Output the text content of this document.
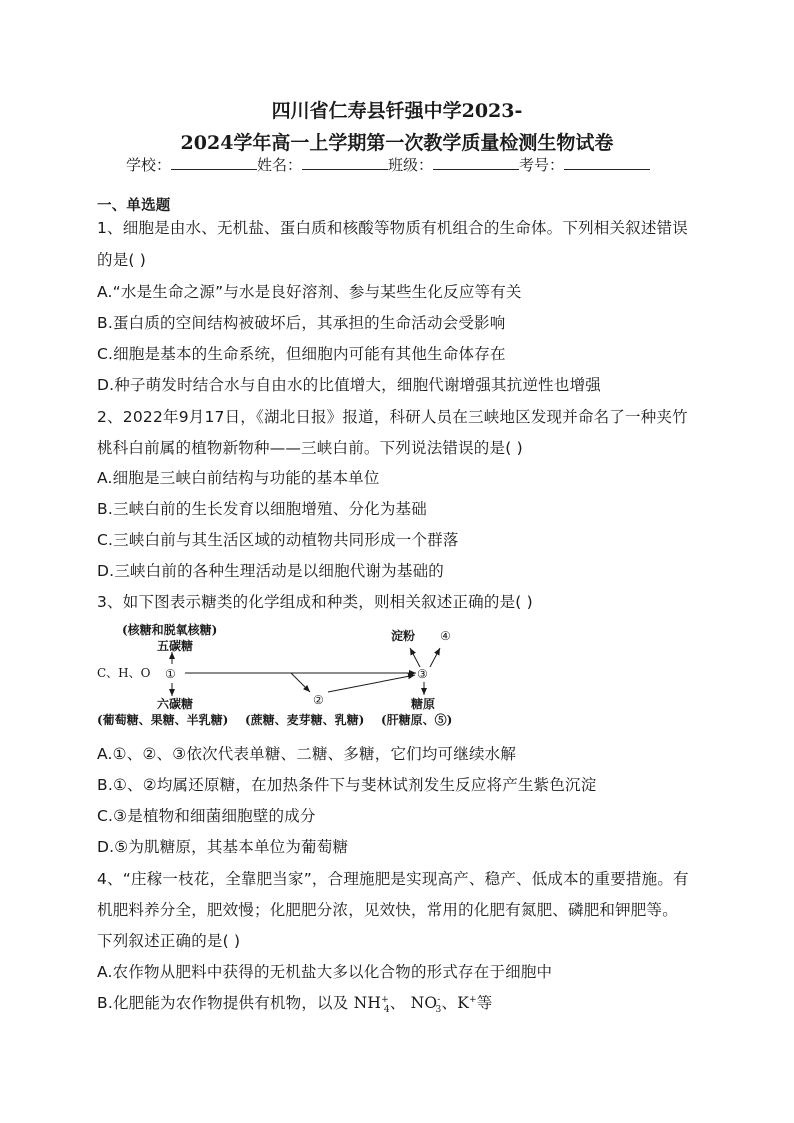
四川省仁寿县钎强中学2023-
2024学年高一上学期第一次教学质量检测生物试卷
学校：	姓名：	班级：	考号：
一、单选题
1、细胞是由水、无机盐、蛋白质和核酸等物质有机组合的生命体。下列相关叙述错误
的是( )
A.“水是生命之源”与水是良好溶剂、参与某些生化反应等有关
B.蛋白质的空间结构被破坏后，其承担的生命活动会受影响
C.细胞是基本的生命系统，但细胞内可能有其他生命体存在
D.种子萌发时结合水与自由水的比值增大，细胞代谢增强其抗逆性也增强
2、2022年9月17日，《湖北日报》报道，科研人员在三峡地区发现并命名了一种夹竹
桃科白前属的植物新物种——三峡白前。下列说法错误的是( )
A.细胞是三峡白前结构与功能的基本单位
B.三峡白前的生长发育以细胞增殖、分化为基础
C.三峡白前与其生活区域的动植物共同形成一个群落
D.三峡白前的各种生理活动是以细胞代谢为基础的
3、如下图表示糖类的化学组成和种类，则相关叙述正确的是( )
(核糖和脱氧核糖)
五碳糖
C、H、O ①
②
③
④
淀粉
糖原
六碳糖
(葡萄糖、果糖、半乳糖) (蔗糖、麦芽糖、乳糖) (肝糖原、⑤)
A.①、②、③依次代表单糖、二糖、多糖，它们均可继续水解
B.①、②均属还原糖，在加热条件下与斐林试剂发生反应将产生紫色沉淀
C.③是植物和细菌细胞壁的成分
D.⑤为肌糖原，其基本单位为葡萄糖
4、“庄稼一枝花，全靠肥当家”，合理施肥是实现高产、稳产、低成本的重要措施。有
机肥料养分全，肥效慢；化肥肥分浓，见效快，常用的化肥有氮肥、磷肥和钾肥等。
下列叙述正确的是( )
A.农作物从肥料中获得的无机盐大多以化合物的形式存在于细胞中
B.化肥能为农作物提供有机物，以及 $NH^+_4$、 $NO^-_3$、K+等
